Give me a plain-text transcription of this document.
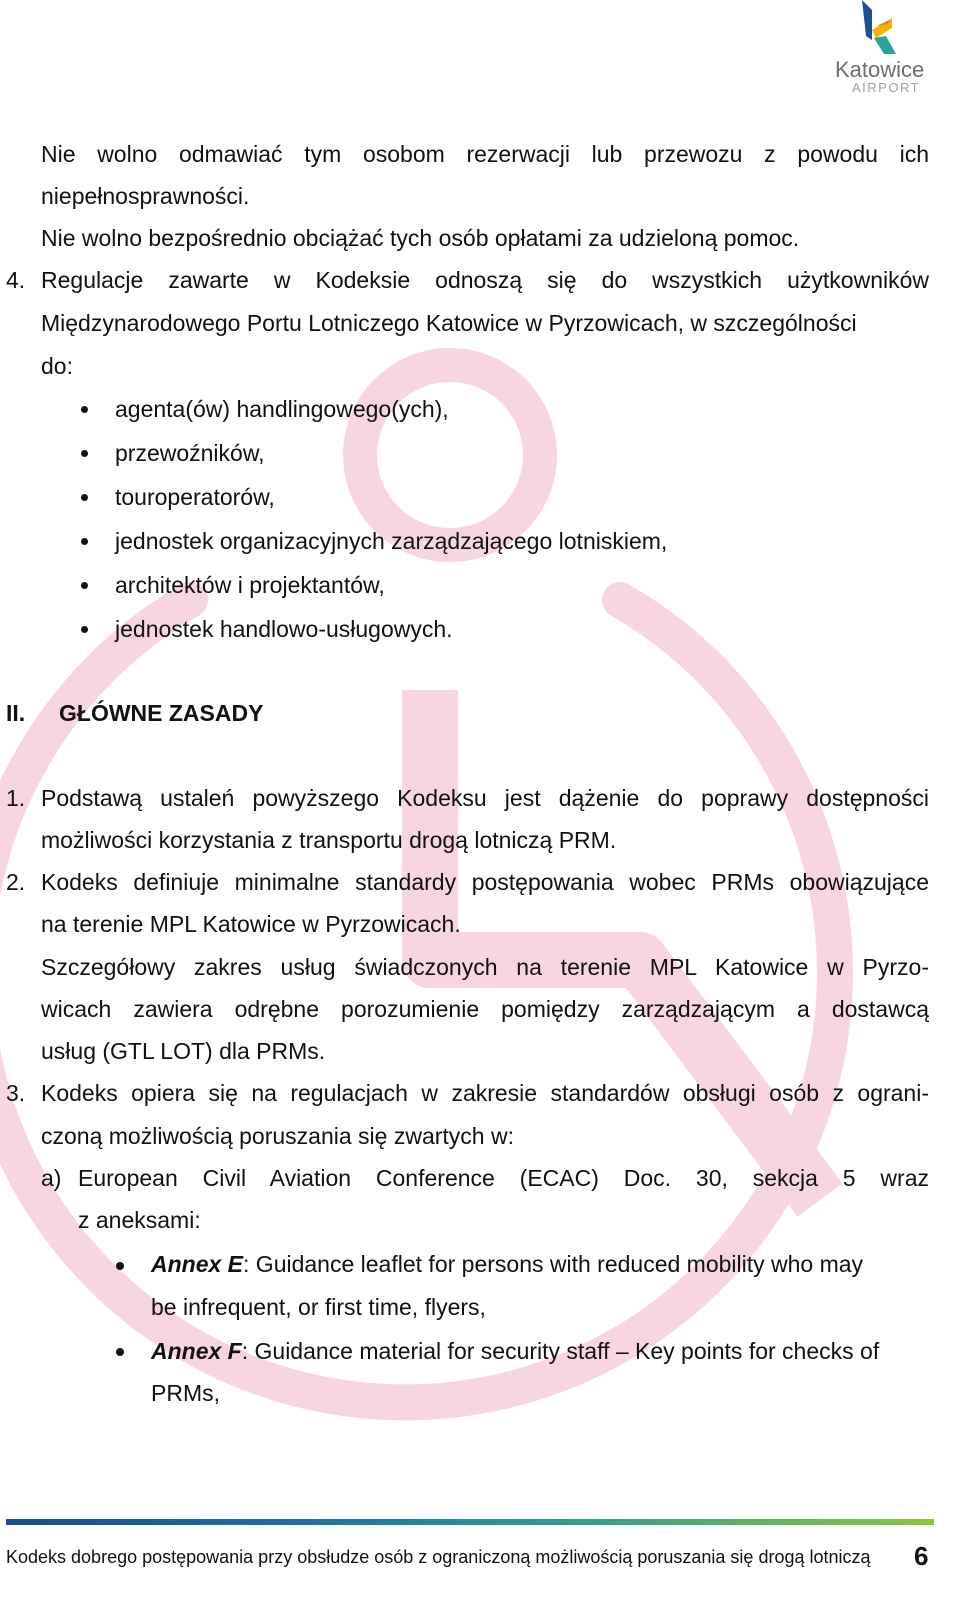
Katowice
AIRPORT
Nie wolno odmawiać tym osobom rezerwacji lub przewozu z powodu ich
niepełnosprawności.
Nie wolno bezpośrednio obciążać tych osób opłatami za udzieloną pomoc.
4. Regulacje zawarte w Kodeksie odnoszą się do wszystkich użytkowników
Międzynarodowego Portu Lotniczego Katowice w Pyrzowicach, w szczególności
do:
agenta(ów) handlingowego(ych),
przewoźników,
touroperatorów,
jednostek organizacyjnych zarządzającego lotniskiem,
architektów i projektantów,
jednostek handlowo-usługowych.
II. GŁÓWNE ZASADY
1. Podstawą ustaleń powyższego Kodeksu jest dążenie do poprawy dostępności
możliwości korzystania z transportu drogą lotniczą PRM.
2. Kodeks definiuje minimalne standardy postępowania wobec PRMs obowiązujące
na terenie MPL Katowice w Pyrzowicach.
Szczegółowy zakres usług świadczonych na terenie MPL Katowice w Pyrzo-
wicach zawiera odrębne porozumienie pomiędzy zarządzającym a dostawcą
usług (GTL LOT) dla PRMs.
3. Kodeks opiera się na regulacjach w zakresie standardów obsługi osób z ograni-
czoną możliwością poruszania się zwartych w:
a) European Civil Aviation Conference (ECAC) Doc. 30, sekcja 5 wraz
z aneksami:
Annex E: Guidance leaflet for persons with reduced mobility who may
be infrequent, or first time, flyers,
Annex F: Guidance material for security staff – Key points for checks of
PRMs,
Kodeks dobrego postępowania przy obsłudze osób z ograniczoną możliwością poruszania się drogą lotniczą 6
